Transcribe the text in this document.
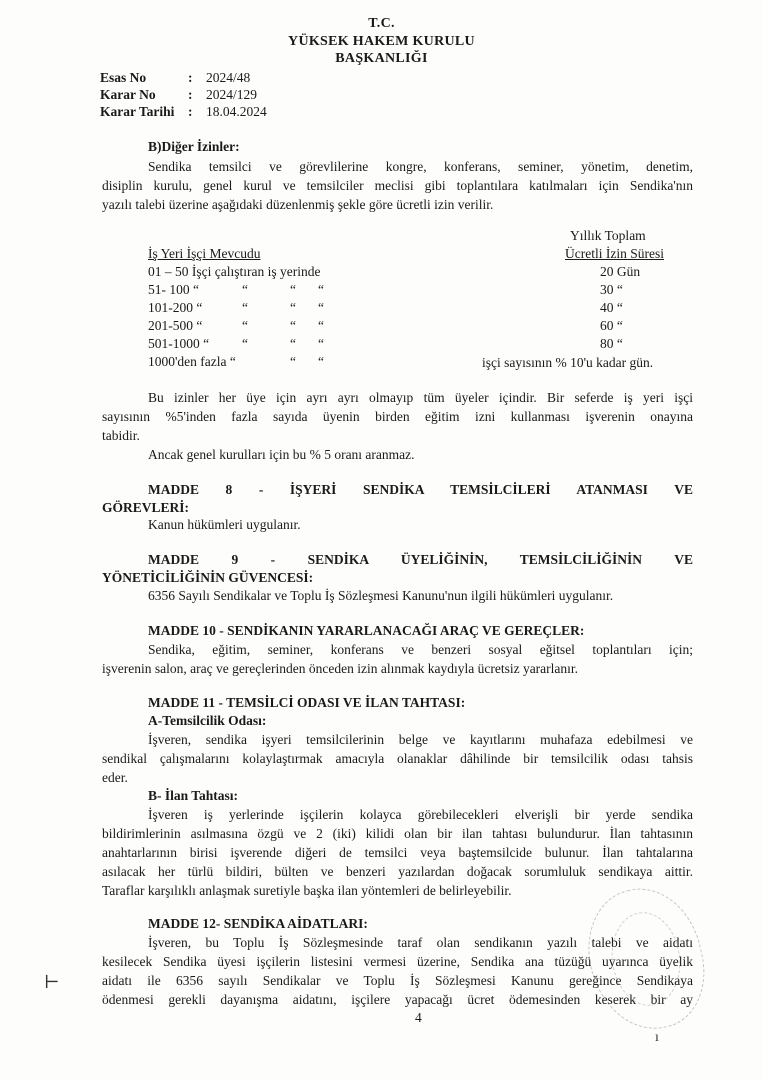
T.C.
YÜKSEK HAKEM KURULU
BAŞKANLIĞI
Esas No	: 2024/48
Karar No : 2024/129
Karar Tarihi : 18.04.2024
B)Diğer İzinler:
Sendika temsilci ve görevlilerine kongre, konferans, seminer, yönetim, denetim,
disiplin kurulu, genel kurul ve temsilciler meclisi gibi toplantılara katılmaları için Sendika'nın
yazılı talebi üzerine aşağıdaki düzenlenmiş şekle göre ücretli izin verilir.
Yıllık Toplam
İş Yeri İşçi Mevcudu	Ücretli İzin Süresi
01 – 50 İşçi çalıştıran iş yerinde	20 Gün
51- 100 “	“	“ “	30 “
101-200 “	“	“ “	40 “
201-500 “	“	“ “	60 “
501-1000 “ “	“ “	80 “
1000'den fazla “	“ “	işçi sayısının % 10'u kadar gün.
Bu izinler her üye için ayrı ayrı olmayıp tüm üyeler içindir. Bir seferde iş yeri işçi
sayısının %5'inden fazla sayıda üyenin birden eğitim izni kullanması işverenin onayına
tabidir.
Ancak genel kurulları için bu % 5 oranı aranmaz.
MADDE 8 - İŞYERİ SENDİKA TEMSİLCİLERİ ATANMASI VE
GÖREVLERİ:
Kanun hükümleri uygulanır.
MADDE 9 - SENDİKA ÜYELİĞİNİN, TEMSİLCİLİĞİNİN VE
YÖNETİCİLİĞİNİN GÜVENCESİ:
6356 Sayılı Sendikalar ve Toplu İş Sözleşmesi Kanunu'nun ilgili hükümleri uygulanır.
MADDE 10 - SENDİKANIN YARARLANACAĞI ARAÇ VE GEREÇLER:
Sendika, eğitim, seminer, konferans ve benzeri sosyal eğitsel toplantıları için;
işverenin salon, araç ve gereçlerinden önceden izin alınmak kaydıyla ücretsiz yararlanır.
MADDE 11 - TEMSİLCİ ODASI VE İLAN TAHTASI:
A-Temsilcilik Odası:
İşveren, sendika işyeri temsilcilerinin belge ve kayıtlarını muhafaza edebilmesi ve
sendikal çalışmalarını kolaylaştırmak amacıyla olanaklar dâhilinde bir temsilcilik odası tahsis
eder.
B- İlan Tahtası:
İşveren iş yerlerinde işçilerin kolayca görebilecekleri elverişli bir yerde sendika
bildirimlerinin asılmasına özgü ve 2 (iki) kilidi olan bir ilan tahtası bulundurur. İlan tahtasının
anahtarlarının birisi işverende diğeri de temsilci veya baştemsilcide bulunur. İlan tahtalarına
asılacak her türlü bildiri, bülten ve benzeri yazılardan doğacak sorumluluk sendikaya aittir.
Taraflar karşılıklı anlaşmak suretiyle başka ilan yöntemleri de belirleyebilir.
MADDE 12- SENDİKA AİDATLARI:
İşveren, bu Toplu İş Sözleşmesinde taraf olan sendikanın yazılı talebi ve aidatı
kesilecek Sendika üyesi işçilerin listesini vermesi üzerine, Sendika ana tüzüğü uyarınca üyelik
aidatı ile 6356 sayılı Sendikalar ve Toplu İş Sözleşmesi Kanunu gereğince Sendikaya
ödenmesi gerekli dayanışma aidatını, işçilere yapacağı ücret ödemesinden keserek bir ay
4
⊢
ı
